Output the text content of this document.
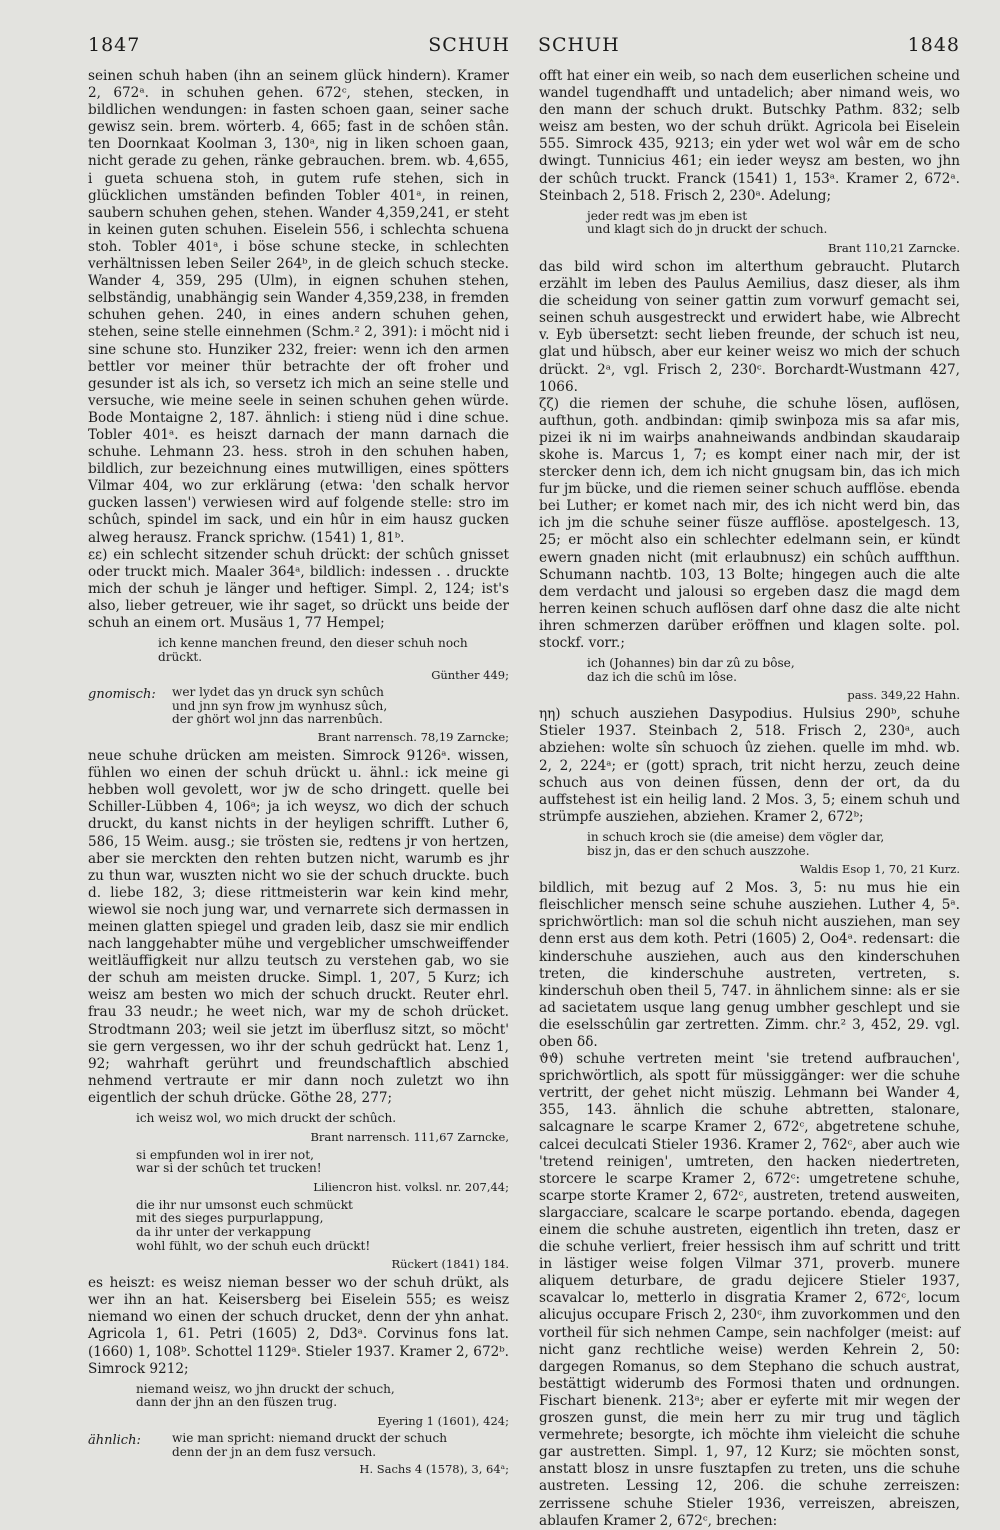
1847	SCHUH SCHUH	1848

seinen schuh haben (ihn an seinem glück hindern). Kramer 2, 672ᵃ. in schuhen gehen. 672ᶜ, stehen, stecken, in bildlichen wendungen: in fasten schoen gaan, seiner sache gewisz sein. brem. wörterb. 4, 665; fast in de schôen stân. ten Doornkaat Koolman 3, 130ᵃ, nig in liken schoen gaan, nicht gerade zu gehen, ränke gebrauchen. brem. wb. 4,655, i gueta schuena stoh, in gutem rufe stehen, sich in glücklichen umständen befinden Tobler 401ᵃ, in reinen, saubern schuhen gehen, stehen. Wander 4,359,241, er steht in keinen guten schuhen. Eiselein 556, i schlechta schuena stoh. Tobler 401ᵃ, i böse schune stecke, in schlechten verhältnissen leben Seiler 264ᵇ, in de gleich schuch stecke. Wander 4, 359, 295 (Ulm), in eignen schuhen stehen, selbständig, unabhängig sein Wander 4,359,238, in fremden schuhen gehen. 240, in eines andern schuhen gehen, stehen, seine stelle einnehmen (Schm.² 2, 391): i möcht nid i sine schune sto. Hunziker 232, freier: wenn ich den armen bettler vor meiner thür betrachte der oft froher und gesunder ist als ich, so versetz ich mich an seine stelle und versuche, wie meine seele in seinen schuhen gehen würde. Bode Montaigne 2, 187. ähnlich: i stieng nüd i dine schue. Tobler 401ᵃ. es heiszt darnach der mann darnach die schuhe. Lehmann 23. hess. stroh in den schuhen haben, bildlich, zur bezeichnung eines mutwilligen, eines spötters Vilmar 404, wo zur erklärung (etwa: 'den schalk hervor gucken lassen') verwiesen wird auf folgende stelle: stro im schûch, spindel im sack, und ein hûr in eim hausz gucken alweg herausz. Franck sprichw. (1541) 1, 81ᵇ.

εε) ein schlecht sitzender schuh drückt: der schûch gnisset oder truckt mich. Maaler 364ᵃ, bildlich: indessen . . druckte mich der schuh je länger und heftiger. Simpl. 2, 124; ist's also, lieber getreuer, wie ihr saget, so drückt uns beide der schuh an einem ort. Musäus 1, 77 Hempel;

ich kenne manchen freund, den dieser schuh noch drückt.
Günther 449;
gnomisch:	wer lydet das yn druck syn schûch
und jnn syn frow jm wynhusz sûch,
der ghört wol jnn das narrenbûch.
Brant narrensch. 78,19 Zarncke;

neue schuhe drücken am meisten. Simrock 9126ᵃ. wissen, fühlen wo einen der schuh drückt u. ähnl.: ick meine gi hebben woll gevolett, wor jw de scho dringett. quelle bei Schiller-Lübben 4, 106ᵃ; ja ich weysz, wo dich der schuch druckt, du kanst nichts in der heyligen schrifft. Luther 6, 586, 15 Weim. ausg.; sie trösten sie, redtens jr von hertzen, aber sie merckten den rehten butzen nicht, warumb es jhr zu thun war, wuszten nicht wo sie der schuch druckte. buch d. liebe 182, 3; diese rittmeisterin war kein kind mehr, wiewol sie noch jung war, und vernarrete sich dermassen in meinen glatten spiegel und graden leib, dasz sie mir endlich nach langgehabter mühe und vergeblicher umschweiffender weitläuffigkeit nur allzu teutsch zu verstehen gab, wo sie der schuh am meisten drucke. Simpl. 1, 207, 5 Kurz; ich weisz am besten wo mich der schuch druckt. Reuter ehrl. frau 33 neudr.; he weet nich, war my de schoh drücket. Strodtmann 203; weil sie jetzt im überflusz sitzt, so möcht' sie gern vergessen, wo ihr der schuh gedrückt hat. Lenz 1, 92; wahrhaft gerührt und freundschaftlich abschied nehmend vertraute er mir dann noch zuletzt wo ihn eigentlich der schuh drücke. Göthe 28, 277;

ich weisz wol, wo mich druckt der schûch.
Brant narrensch. 111,67 Zarncke,
si empfunden wol in irer not,
war si der schûch tet trucken!
Liliencron hist. volksl. nr. 207,44;
die ihr nur umsonst euch schmückt
mit des sieges purpurlappung,
da ihr unter der verkappung
wohl fühlt, wo der schuh euch drückt!
Rückert (1841) 184.

es heiszt: es weisz nieman besser wo der schuh drükt, als wer ihn an hat. Keisersberg bei Eiselein 555; es weisz niemand wo einen der schuch drucket, denn der yhn anhat. Agricola 1, 61. Petri (1605) 2, Dd3ᵃ. Corvinus fons lat. (1660) 1, 108ᵇ. Schottel 1129ᵃ. Stieler 1937. Kramer 2, 672ᵇ. Simrock 9212;

niemand weisz, wo jhn druckt der schuch,
dann der jhn an den füszen trug.
Eyering 1 (1601), 424;
ähnlich:	wie man spricht: niemand druckt der schuch
denn der jn an dem fusz versuch.
H. Sachs 4 (1578), 3, 64ᵃ;

offt hat einer ein weib, so nach dem euserlichen scheine und wandel tugendhafft und untadelich; aber nimand weis, wo den mann der schuch drukt. Butschky Pathm. 832; selb weisz am besten, wo der schuh drükt. Agricola bei Eiselein 555. Simrock 435, 9213; ein yder wet wol wâr em de scho dwingt. Tunnicius 461; ein ieder weysz am besten, wo jhn der schûch truckt. Franck (1541) 1, 153ᵃ. Kramer 2, 672ᵃ. Steinbach 2, 518. Frisch 2, 230ᵃ. Adelung;

jeder redt was jm eben ist
und klagt sich do jn druckt der schuch.
Brant 110,21 Zarncke.

das bild wird schon im alterthum gebraucht. Plutarch erzählt im leben des Paulus Aemilius, dasz dieser, als ihm die scheidung von seiner gattin zum vorwurf gemacht sei, seinen schuh ausgestreckt und erwidert habe, wie Albrecht v. Eyb übersetzt: secht lieben freunde, der schuch ist neu, glat und hübsch, aber eur keiner weisz wo mich der schuch drückt. 2ᵃ, vgl. Frisch 2, 230ᶜ. Borchardt-Wustmann 427, 1066.

ζζ) die riemen der schuhe, die schuhe lösen, auflösen, aufthun, goth. andbindan: qimiþ swinþoza mis sa afar mis, pizei ik ni im wairþs anahneiwands andbindan skaudaraip skohe is. Marcus 1, 7; es kompt einer nach mir, der ist stercker denn ich, dem ich nicht gnugsam bin, das ich mich fur jm bücke, und die riemen seiner schuch aufflöse. ebenda bei Luther; er komet nach mir, des ich nicht werd bin, das ich jm die schuhe seiner füsze aufflöse. apostelgesch. 13, 25; er möcht also ein schlechter edelmann sein, er kündt ewern gnaden nicht (mit erlaubnusz) ein schûch auffthun. Schumann nachtb. 103, 13 Bolte; hingegen auch die alte dem verdacht und jalousi so ergeben dasz die magd dem herren keinen schuch auflösen darf ohne dasz die alte nicht ihren schmerzen darüber eröffnen und klagen solte. pol. stockf. vorr.;

ich (Johannes) bin dar zû zu bôse,
daz ich die schû im lôse.
pass. 349,22 Hahn.

ηη) schuch ausziehen Dasypodius. Hulsius 290ᵇ, schuhe Stieler 1937. Steinbach 2, 518. Frisch 2, 230ᵃ, auch abziehen: wolte sîn schuoch ûz ziehen. quelle im mhd. wb. 2, 2, 224ᵃ; er (gott) sprach, trit nicht herzu, zeuch deine schuch aus von deinen füssen, denn der ort, da du auffstehest ist ein heilig land. 2 Mos. 3, 5; einem schuh und strümpfe ausziehen, abziehen. Kramer 2, 672ᵇ;

in schuch kroch sie (die ameise) dem vögler dar,
bisz jn, das er den schuch auszzohe.
Waldis Esop 1, 70, 21 Kurz.

bildlich, mit bezug auf 2 Mos. 3, 5: nu mus hie ein fleischlicher mensch seine schuhe ausziehen. Luther 4, 5ᵃ. sprichwörtlich: man sol die schuh nicht ausziehen, man sey denn erst aus dem koth. Petri (1605) 2, Oo4ᵃ. redensart: die kinderschuhe ausziehen, auch aus den kinderschuhen treten, die kinderschuhe austreten, vertreten, s. kinderschuh oben theil 5, 747. in ähnlichem sinne: als er sie ad sacietatem usque lang genug umbher geschlept und sie die eselsschûlin gar zertretten. Zimm. chr.² 3, 452, 29. vgl. oben δδ.

ϑϑ) schuhe vertreten meint 'sie tretend aufbrauchen', sprichwörtlich, als spott für müssiggänger: wer die schuhe vertritt, der gehet nicht müszig. Lehmann bei Wander 4, 355, 143. ähnlich die schuhe abtretten, stalonare, salcagnare le scarpe Kramer 2, 672ᶜ, abgetretene schuhe, calcei deculcati Stieler 1936. Kramer 2, 762ᶜ, aber auch wie 'tretend reinigen', umtreten, den hacken niedertreten, storcere le scarpe Kramer 2, 672ᶜ: umgetretene schuhe, scarpe storte Kramer 2, 672ᶜ, austreten, tretend ausweiten, slargacciare, scalcare le scarpe portando. ebenda, dagegen einem die schuhe austreten, eigentlich ihn treten, dasz er die schuhe verliert, freier hessisch ihm auf schritt und tritt in lästiger weise folgen Vilmar 371, proverb. munere aliquem deturbare, de gradu dejicere Stieler 1937, scavalcar lo, metterlo in disgratia Kramer 2, 672ᶜ, locum alicujus occupare Frisch 2, 230ᶜ, ihm zuvorkommen und den vortheil für sich nehmen Campe, sein nachfolger (meist: auf nicht ganz rechtliche weise) werden Kehrein 2, 50: dargegen Romanus, so dem Stephano die schuch austrat, bestättigt widerumb des Formosi thaten und ordnungen. Fischart bienenk. 213ᵃ; aber er eyferte mit mir wegen der groszen gunst, die mein herr zu mir trug und täglich vermehrete; besorgte, ich möchte ihm vieleicht die schuhe gar austretten. Simpl. 1, 97, 12 Kurz; sie möchten sonst, anstatt blosz in unsre fusztapfen zu treten, uns die schuhe austreten. Lessing 12, 206. die schuhe zerreiszen: zerrissene schuhe Stieler 1936, verreiszen, abreiszen, ablaufen Kramer 2, 672ᶜ, brechen:
